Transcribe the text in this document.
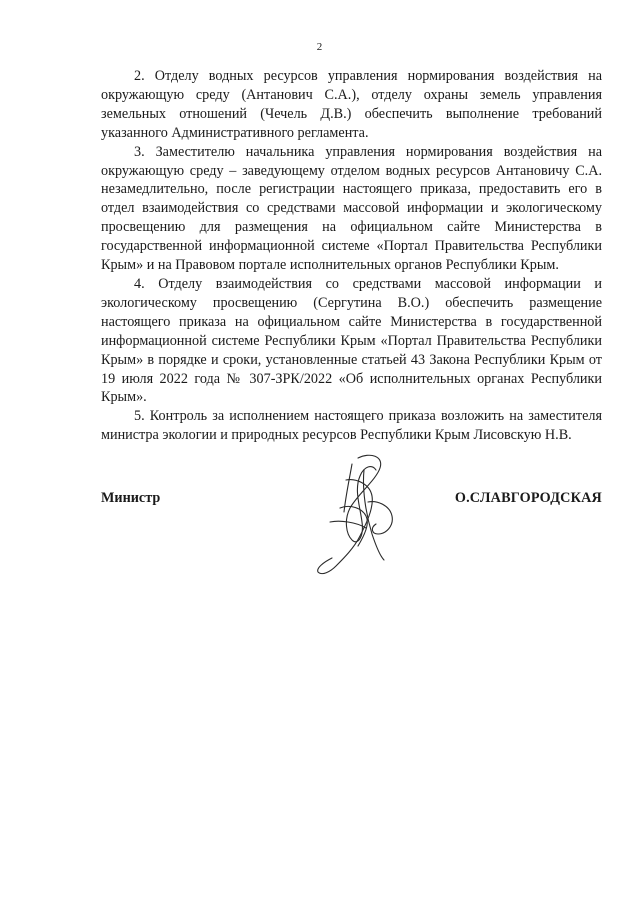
2

2. Отделу водных ресурсов управления нормирования воздействия на окружающую среду (Антанович С.А.), отделу охраны земель управления земельных отношений (Чечель Д.В.) обеспечить выполнение требований указанного Административного регламента.

3. Заместителю начальника управления нормирования воздействия на окружающую среду – заведующему отделом водных ресурсов Антановичу С.А. незамедлительно, после регистрации настоящего приказа, предоставить его в отдел взаимодействия со средствами массовой информации и экологическому просвещению для размещения на официальном сайте Министерства в государственной информационной системе «Портал Правительства Республики Крым» и на Правовом портале исполнительных органов Республики Крым.

4. Отделу взаимодействия со средствами массовой информации и экологическому просвещению (Сергутина В.О.) обеспечить размещение настоящего приказа на официальном сайте Министерства в государственной информационной системе Республики Крым «Портал Правительства Республики Крым» в порядке и сроки, установленные статьей 43 Закона Республики Крым от 19 июля 2022 года № 307-ЗРК/2022 «Об исполнительных органах Республики Крым».

5. Контроль за исполнением настоящего приказа возложить на заместителя министра экологии и природных ресурсов Республики Крым Лисовскую Н.В.

Министр	О.СЛАВГОРОДСКАЯ
